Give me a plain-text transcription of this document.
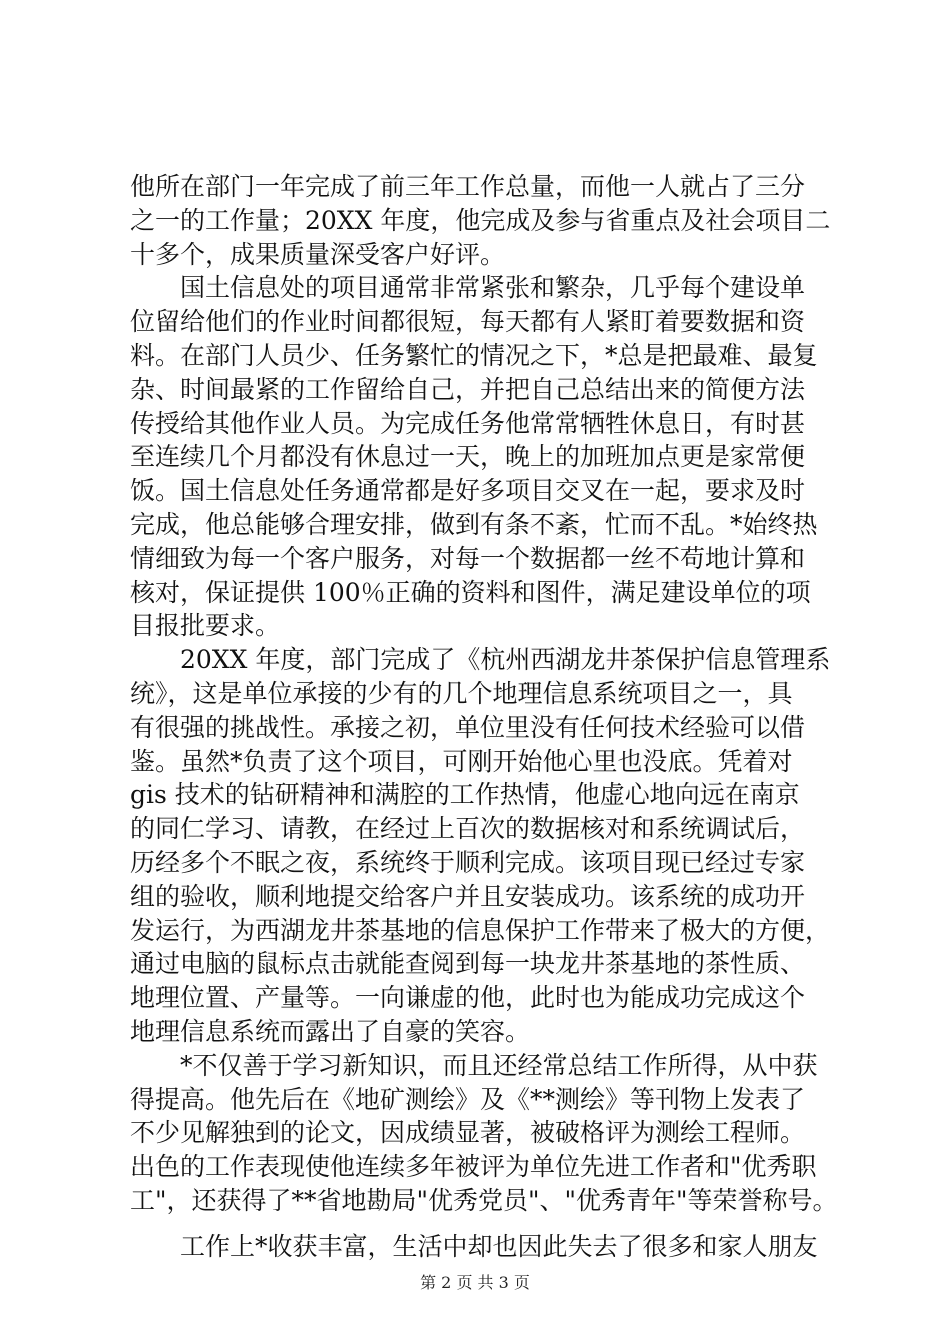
他所在部门一年完成了前三年工作总量，而他一人就占了三分
之一的工作量；20XX 年度，他完成及参与省重点及社会项目二
十多个，成果质量深受客户好评。
国土信息处的项目通常非常紧张和繁杂，几乎每个建设单
位留给他们的作业时间都很短，每天都有人紧盯着要数据和资
料。在部门人员少、任务繁忙的情况之下，*总是把最难、最复
杂、时间最紧的工作留给自己，并把自己总结出来的简便方法
传授给其他作业人员。为完成任务他常常牺牲休息日，有时甚
至连续几个月都没有休息过一天，晚上的加班加点更是家常便
饭。国土信息处任务通常都是好多项目交叉在一起，要求及时
完成，他总能够合理安排，做到有条不紊，忙而不乱。*始终热
情细致为每一个客户服务，对每一个数据都一丝不苟地计算和
核对，保证提供 100％正确的资料和图件，满足建设单位的项
目报批要求。
20XX 年度，部门完成了《杭州西湖龙井茶保护信息管理系
统》，这是单位承接的少有的几个地理信息系统项目之一，具
有很强的挑战性。承接之初，单位里没有任何技术经验可以借
鉴。虽然*负责了这个项目，可刚开始他心里也没底。凭着对
gis 技术的钻研精神和满腔的工作热情，他虚心地向远在南京
的同仁学习、请教，在经过上百次的数据核对和系统调试后，
历经多个不眠之夜，系统终于顺利完成。该项目现已经过专家
组的验收，顺利地提交给客户并且安装成功。该系统的成功开
发运行，为西湖龙井茶基地的信息保护工作带来了极大的方便，
通过电脑的鼠标点击就能查阅到每一块龙井茶基地的茶性质、
地理位置、产量等。一向谦虚的他，此时也为能成功完成这个
地理信息系统而露出了自豪的笑容。
*不仅善于学习新知识，而且还经常总结工作所得，从中获
得提高。他先后在《地矿测绘》及《**测绘》等刊物上发表了
不少见解独到的论文，因成绩显著，被破格评为测绘工程师。
出色的工作表现使他连续多年被评为单位先进工作者和"优秀职
工"，还获得了**省地勘局"优秀党员"、"优秀青年"等荣誉称号。
工作上*收获丰富，生活中却也因此失去了很多和家人朋友
第 2 页 共 3 页
